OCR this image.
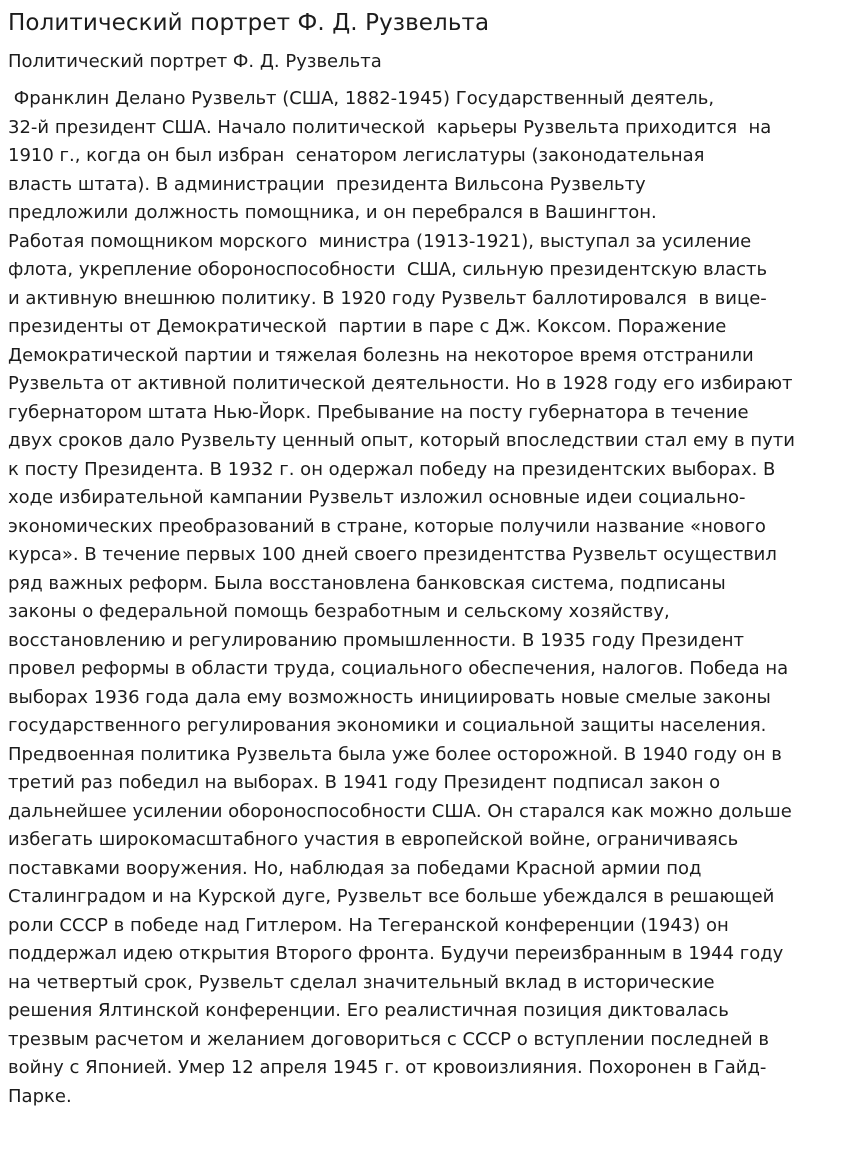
Политический портрет Ф. Д. Рузвельта
Политический портрет Ф. Д. Рузвельта
Франклин Делано Рузвельт (США, 1882-1945) Государственный деятель,
32-й президент США. Начало политической  карьеры Рузвельта приходится  на
1910 г., когда он был избран  сенатором легислатуры (законодательная
власть штата). В администрации  президента Вильсона Рузвельту
предложили должность помощника, и он перебрался в Вашингтон.
Работая помощником морского  министра (1913-1921), выступал за усиление
флота, укрепление обороноспособности  США, сильную президентскую власть
и активную внешнюю политику. В 1920 году Рузвельт баллотировался  в вице-
президенты от Демократической  партии в паре с Дж. Коксом. Поражение
Демократической партии и тяжелая болезнь на некоторое время отстранили
Рузвельта от активной политической деятельности. Но в 1928 году его избирают
губернатором штата Нью-Йорк. Пребывание на посту губернатора в течение
двух сроков дало Рузвельту ценный опыт, который впоследствии стал ему в пути
к посту Президента. В 1932 г. он одержал победу на президентских выборах. В
ходе избирательной кампании Рузвельт изложил основные идеи социально-
экономических преобразований в стране, которые получили название «нового
курса». В течение первых 100 дней своего президентства Рузвельт осуществил
ряд важных реформ. Была восстановлена банковская система, подписаны
законы о федеральной помощь безработным и сельскому хозяйству,
восстановлению и регулированию промышленности. В 1935 году Президент
провел реформы в области труда, социального обеспечения, налогов. Победа на
выборах 1936 года дала ему возможность инициировать новые смелые законы
государственного регулирования экономики и социальной защиты населения.
Предвоенная политика Рузвельта была уже более осторожной. В 1940 году он в
третий раз победил на выборах. В 1941 году Президент подписал закон о
дальнейшее усилении обороноспособности США. Он старался как можно дольше
избегать широкомасштабного участия в европейской войне, ограничиваясь
поставками вооружения. Но, наблюдая за победами Красной армии под
Сталинградом и на Курской дуге, Рузвельт все больше убеждался в решающей
роли СССР в победе над Гитлером. На Тегеранской конференции (1943) он
поддержал идею открытия Второго фронта. Будучи переизбранным в 1944 году
на четвертый срок, Рузвельт сделал значительный вклад в исторические
решения Ялтинской конференции. Его реалистичная позиция диктовалась
трезвым расчетом и желанием договориться с СССР о вступлении последней в
войну с Японией. Умер 12 апреля 1945 г. от кровоизлияния. Похоронен в Гайд-
Парке.
